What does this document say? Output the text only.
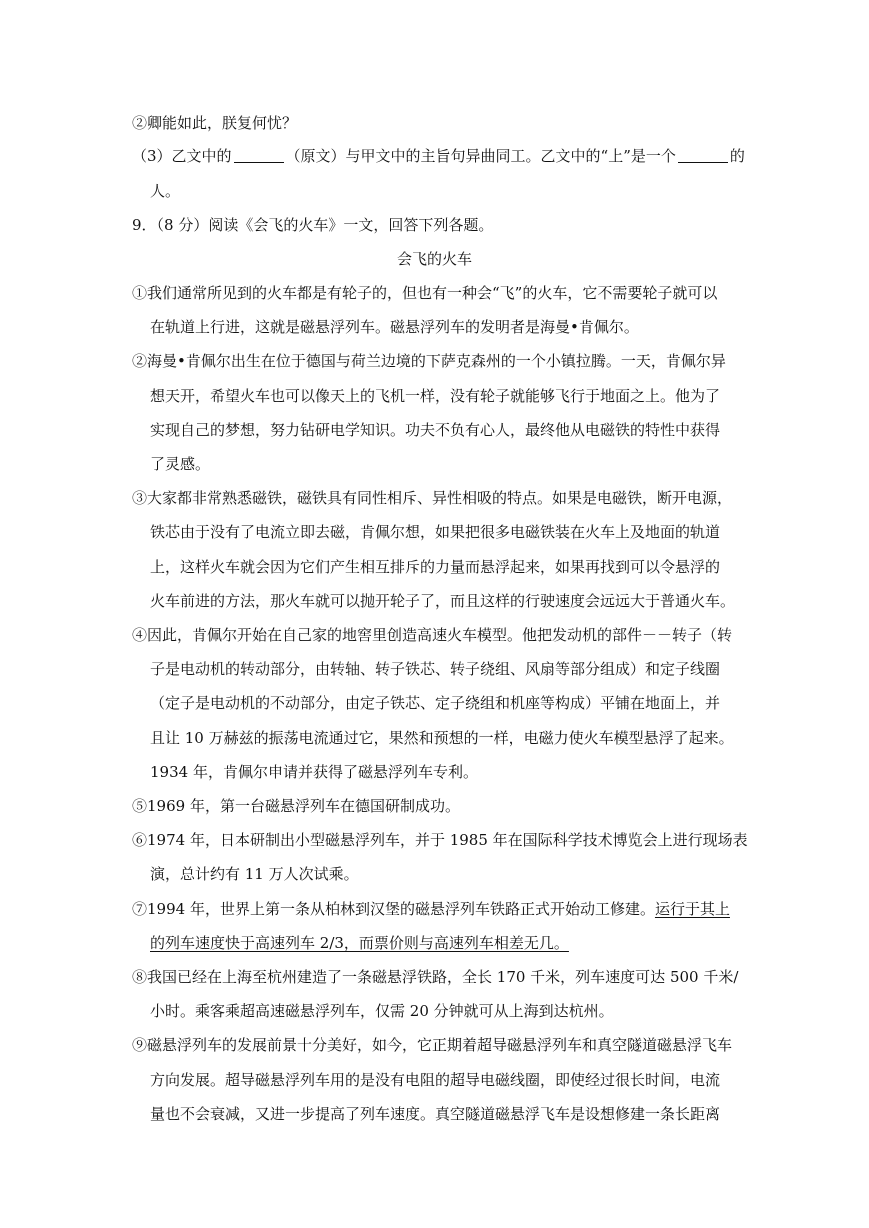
②卿能如此，朕复何忧？
（3）乙文中的	（原文）与甲文中的主旨句异曲同工。乙文中的“上”是一个	的
人。
9．（8 分）阅读《会飞的火车》一文，回答下列各题。
会飞的火车
①我们通常所见到的火车都是有轮子的，但也有一种会“飞”的火车，它不需要轮子就可以
在轨道上行进，这就是磁悬浮列车。磁悬浮列车的发明者是海曼•肯佩尔。
②海曼•肯佩尔出生在位于德国与荷兰边境的下萨克森州的一个小镇拉腾。一天，肯佩尔异
想天开，希望火车也可以像天上的飞机一样，没有轮子就能够飞行于地面之上。他为了
实现自己的梦想，努力钻研电学知识。功夫不负有心人，最终他从电磁铁的特性中获得
了灵感。
③大家都非常熟悉磁铁，磁铁具有同性相斥、异性相吸的特点。如果是电磁铁，断开电源，
铁芯由于没有了电流立即去磁，肯佩尔想，如果把很多电磁铁装在火车上及地面的轨道
上，这样火车就会因为它们产生相互排斥的力量而悬浮起来，如果再找到可以令悬浮的
火车前进的方法，那火车就可以抛开轮子了，而且这样的行驶速度会远远大于普通火车。
④因此，肯佩尔开始在自己家的地窖里创造高速火车模型。他把发动机的部件－－转子（转
子是电动机的转动部分，由转轴、转子铁芯、转子绕组、风扇等部分组成）和定子线圈
（定子是电动机的不动部分，由定子铁芯、定子绕组和机座等构成）平铺在地面上，并
且让 10 万赫兹的振荡电流通过它，果然和预想的一样，电磁力使火车模型悬浮了起来。
1934 年，肯佩尔申请并获得了磁悬浮列车专利。
⑤1969 年，第一台磁悬浮列车在德国研制成功。
⑥1974 年，日本研制出小型磁悬浮列车，并于 1985 年在国际科学技术博览会上进行现场表
演，总计约有 11 万人次试乘。
⑦1994 年，世界上第一条从柏林到汉堡的磁悬浮列车铁路正式开始动工修建。运行于其上
的列车速度快于高速列车 2/3，而票价则与高速列车相差无几。
⑧我国已经在上海至杭州建造了一条磁悬浮铁路，全长 170 千米，列车速度可达 500 千米/
小时。乘客乘超高速磁悬浮列车，仅需 20 分钟就可从上海到达杭州。
⑨磁悬浮列车的发展前景十分美好，如今，它正期着超导磁悬浮列车和真空隧道磁悬浮飞车
方向发展。超导磁悬浮列车用的是没有电阻的超导电磁线圈，即使经过很长时间，电流
量也不会衰减，又进一步提高了列车速度。真空隧道磁悬浮飞车是设想修建一条长距离
